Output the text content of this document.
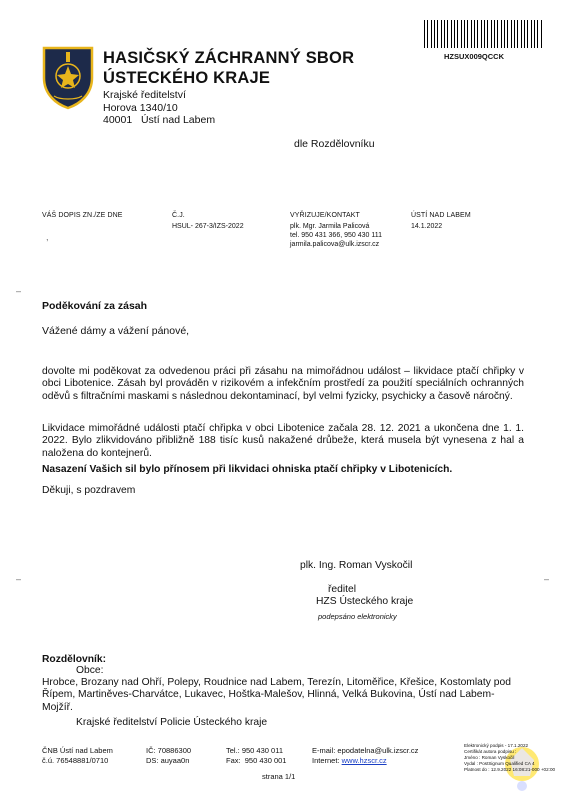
HZSUX009QCCK
HASIČSKÝ ZÁCHRANNÝ SBOR
ÚSTECKÉHO KRAJE
Krajské ředitelství
Horova 1340/10
40001   Ústí nad Labem
dle Rozdělovníku
VÁŠ DOPIS ZN./ZE DNE
,
Č.J.
HSUL- 267-3/IZS-2022
VYŘIZUJE/KONTAKT
plk. Mgr. Jarmila Palicová
tel. 950 431 366, 950 430 111
jarmila.palicova@ulk.izscr.cz
ÚSTÍ NAD LABEM
14.1.2022
–
–	–
Poděkování za zásah
Vážené dámy a vážení pánové,
dovolte mi poděkovat za odvedenou práci při zásahu na mimořádnou událost – likvidace ptačí chřipky v obci Libotenice. Zásah byl prováděn v rizikovém a infekčním prostředí za použití speciálních ochranných oděvů s filtračními maskami s následnou dekontaminací, byl velmi fyzicky, psychicky a časově náročný.
Likvidace mimořádné události ptačí chřipka v obci Libotenice začala 28. 12. 2021 a ukončena dne 1. 1. 2022. Bylo zlikvidováno přibližně 188 tisíc kusů nakažené drůbeže, která musela být vynesena z hal a naložena do kontejnerů.
Nasazení Vašich sil bylo přínosem při likvidaci ohniska ptačí chřipky v Libotenicích.
Děkuji, s pozdravem
plk. Ing. Roman Vyskočil
ředitel
HZS Ústeckého kraje
podepsáno elektronicky
Rozdělovník:
Obce:
Hrobce, Brozany nad Ohří, Polepy, Roudnice nad Labem, Terezín, Litoměřice, Křešice, Kostomlaty pod Řípem, Martiněves-Charvátce, Lukavec, Hoštka-Malešov, Hlinná, Velká Bukovina, Ústí nad Labem-Mojžíř.
Krajské ředitelství Policie Ústeckého kraje
ČNB Ústí nad Labem
č.ú. 76548881/0710
IČ: 70886300
DS: auyaa0n
Tel.: 950 430 011
Fax:  950 430 001
E-mail: epodatelna@ulk.izscr.cz
Internet: www.hzscr.cz
strana 1/1
Elektronický podpis - 17.1.2022
Certifikát autora podpisu :
Jméno : Roman Vyskočil
Vydal : PostSignum Qualified CA 4
Platnost do : 12.9.2022 16:08:21-000 +02:00
